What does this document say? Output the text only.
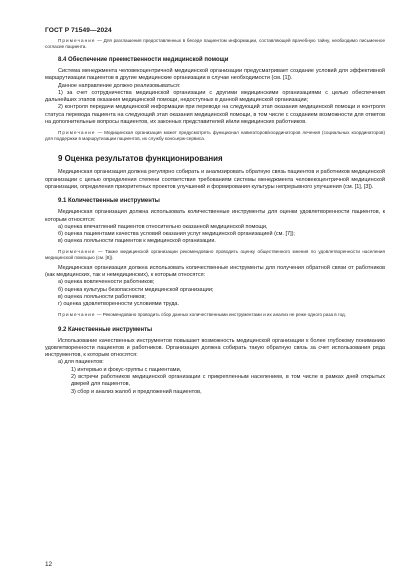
ГОСТ Р 71549—2024

Примечание — Для разглашения предоставленных в беседе пациентом информации, составляющей врачебную тайну, необходимо письменное согласие пациента.

8.4 Обеспечение преемственности медицинской помощи

Система менеджмента человекоцентричной медицинской организации предусматривает создание условий для эффективной маршрутизации пациентов в другие медицинские организации в случае необходимости (см. [1]).

Данное направление должно реализовываться:

1) за счет сотрудничества медицинской организации с другими медицинскими организациями с целью обеспечения дальнейших этапов оказания медицинской помощи, недоступных в данной медицинской организации;

2) контроля передачи медицинской информации при переводе на следующий этап оказания медицинской помощи и контроля статуса перевода пациента на следующий этап оказания медицинской помощи, в том числе с созданием возможности для ответов на дополнительные вопросы пациентов, их законных представителей и/или медицинских работников.

Примечание — Медицинская организация может предусмотреть функционал навигаторов/координаторов лечения (социальных координаторов) для поддержки в маршрутизации пациентов, их службу консьерж-сервиса.

9 Оценка результатов функционирования

Медицинская организация должна регулярно собирать и анализировать обратную связь пациентов и работников медицинской организации с целью определения степени соответствия требованиям системы менеджмента человекоцентричной медицинской организации, определения приоритетных проектов улучшений и формирования культуры непрерывного улучшения (см. [1], [3]).

9.1 Количественные инструменты

Медицинская организация должна использовать количественные инструменты для оценки удовлетворенности пациентов, к которым относятся:

а) оценка впечатлений пациентов относительно оказанной медицинской помощи,

б) оценка пациентами качества условий оказания услуг медицинской организацией (см. [7]);

в) оценка лояльности пациентов к медицинской организации.

Примечание — Также медицинской организации рекомендовано проводить оценку общественного мнения по удовлетворенности населения медицинской помощью (см. [8]).

Медицинская организация должна использовать количественные инструменты для получения обратной связи от работников (как медицинских, так и немедицинских), к которым относятся:

а) оценка вовлеченности работников;

б) оценка культуры безопасности медицинской организации;

в) оценка лояльности работников;

г) оценка удовлетворенности условиями труда.

Примечание — Рекомендовано проводить сбор данных количественными инструментами и их анализ не реже одного раза в год.

9.2 Качественные инструменты

Использование качественных инструментов повышает возможность медицинской организации к более глубокому пониманию удовлетворенности пациентов и работников. Организация должна собирать такую обратную связь за счет использования ряда инструментов, к которым относятся:

а) для пациентов:

1) интервью и фокус-группы с пациентами,

2) встречи работников медицинской организации с прикрепленным населением, в том числе в рамках дней открытых дверей для пациентов,

3) сбор и анализ жалоб и предложений пациентов,

12
